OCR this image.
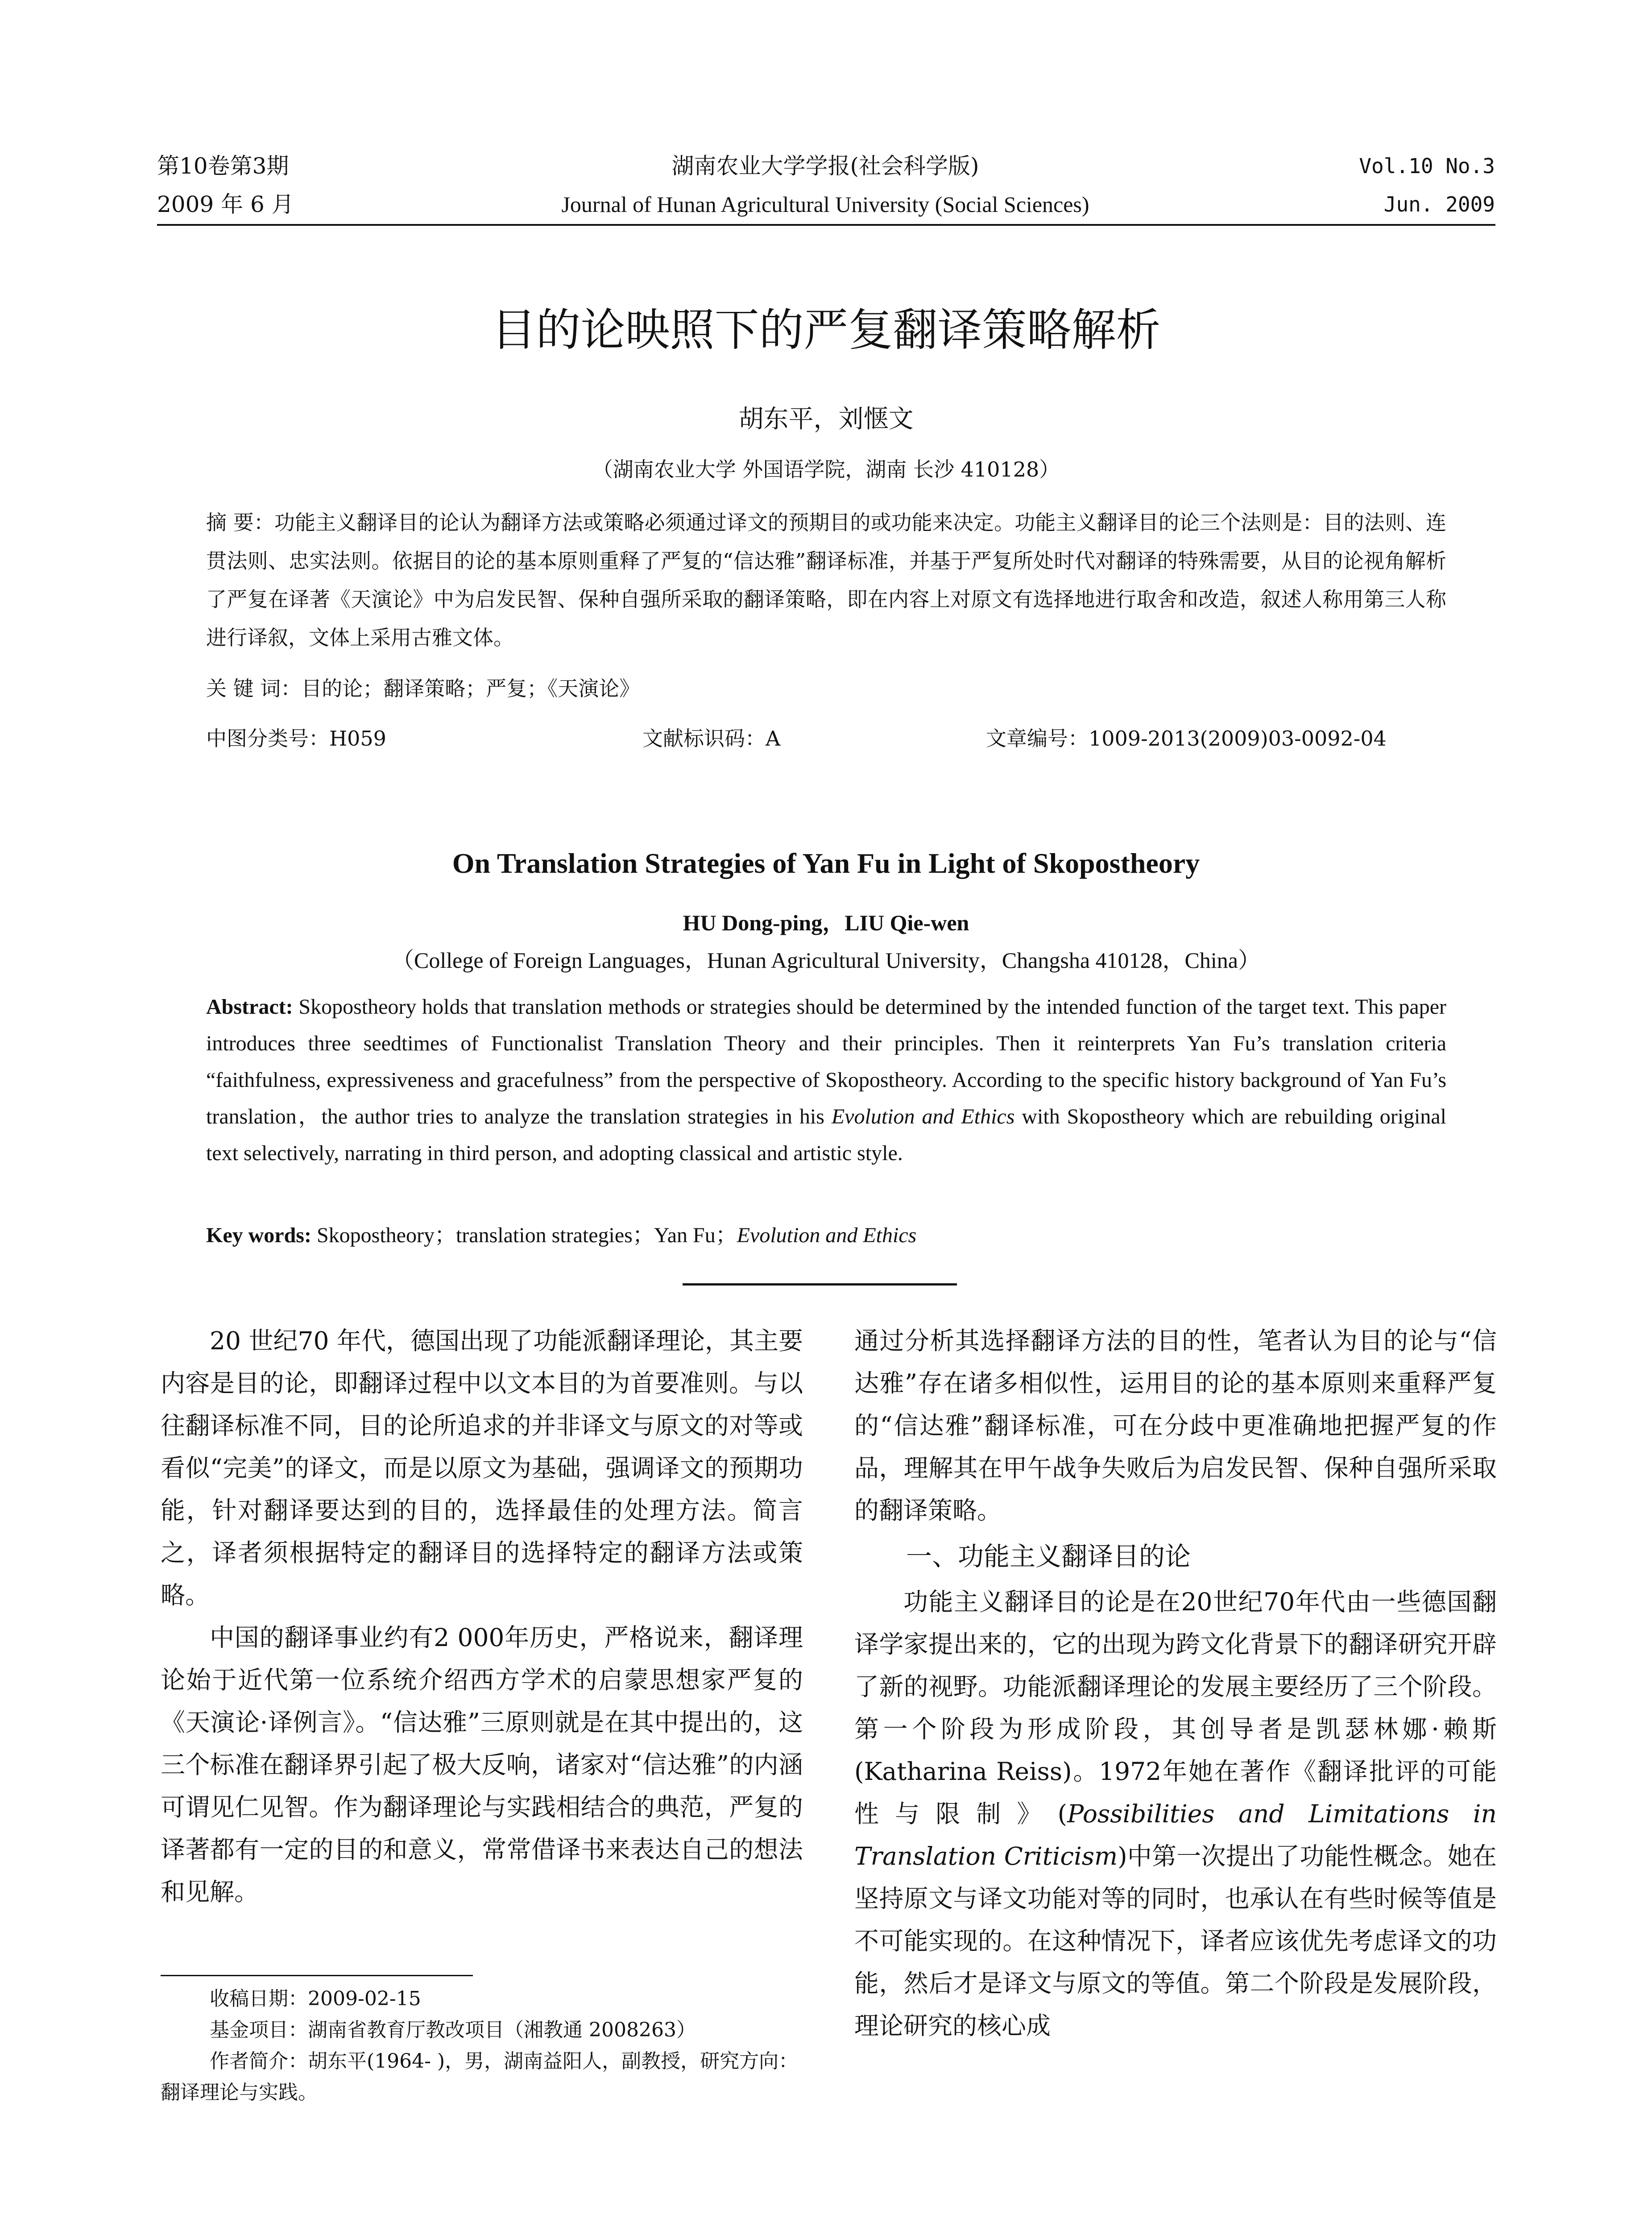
第10卷第3期
2009 年 6 月
湖南农业大学学报(社会科学版)
Journal of Hunan Agricultural University (Social Sciences)
Vol.10 No.3
Jun. 2009
目的论映照下的严复翻译策略解析
胡东平，刘惬文
（湖南农业大学 外国语学院，湖南 长沙 410128）
摘 要：功能主义翻译目的论认为翻译方法或策略必须通过译文的预期目的或功能来决定。功能主义翻译目的论三个法则是：目的法则、连贯法则、忠实法则。依据目的论的基本原则重释了严复的“信达雅”翻译标准，并基于严复所处时代对翻译的特殊需要，从目的论视角解析了严复在译著《天演论》中为启发民智、保种自强所采取的翻译策略，即在内容上对原文有选择地进行取舍和改造，叙述人称用第三人称进行译叙，文体上采用古雅文体。
关 键 词：目的论；翻译策略；严复；《天演论》
中图分类号：H059	文献标识码：A	文章编号：1009-2013(2009)03-0092-04
On Translation Strategies of Yan Fu in Light of Skopostheory
HU Dong-ping，LIU Qie-wen
（College of Foreign Languages，Hunan Agricultural University，Changsha 410128，China）
Abstract: Skopostheory holds that translation methods or strategies should be determined by the intended function of the target text. This paper introduces three seedtimes of Functionalist Translation Theory and their principles. Then it reinterprets Yan Fu’s translation criteria “faithfulness, expressiveness and gracefulness” from the perspective of Skopostheory. According to the specific history background of Yan Fu’s translation，the author tries to analyze the translation strategies in his Evolution and Ethics with Skopostheory which are rebuilding original text selectively, narrating in third person, and adopting classical and artistic style.
Key words: Skopostheory；translation strategies；Yan Fu；Evolution and Ethics

20 世纪70 年代，德国出现了功能派翻译理论，其主要内容是目的论，即翻译过程中以文本目的为首要准则。与以往翻译标准不同，目的论所追求的并非译文与原文的对等或看似“完美”的译文，而是以原文为基础，强调译文的预期功能，针对翻译要达到的目的，选择最佳的处理方法。简言之，译者须根据特定的翻译目的选择特定的翻译方法或策略。

中国的翻译事业约有2 000年历史，严格说来，翻译理论始于近代第一位系统介绍西方学术的启蒙思想家严复的《天演论·译例言》。“信达雅”三原则就是在其中提出的，这三个标准在翻译界引起了极大反响，诸家对“信达雅”的内涵可谓见仁见智。作为翻译理论与实践相结合的典范，严复的译著都有一定的目的和意义，常常借译书来表达自己的想法和见解。

收稿日期：2009-02-15

基金项目：湖南省教育厅教改项目（湘教通 2008263）

作者简介：胡东平(1964- )，男，湖南益阳人，副教授，研究方向：翻译理论与实践。

通过分析其选择翻译方法的目的性，笔者认为目的论与“信达雅”存在诸多相似性，运用目的论的基本原则来重释严复的“信达雅”翻译标准，可在分歧中更准确地把握严复的作品，理解其在甲午战争失败后为启发民智、保种自强所采取的翻译策略。

一、功能主义翻译目的论

功能主义翻译目的论是在20世纪70年代由一些德国翻译学家提出来的，它的出现为跨文化背景下的翻译研究开辟了新的视野。功能派翻译理论的发展主要经历了三个阶段。第一个阶段为形成阶段，其创导者是凯瑟林娜·赖斯(Katharina Reiss)。1972年她在著作《翻译批评的可能性与限制》(Possibilities and Limitations in Translation Criticism)中第一次提出了功能性概念。她在坚持原文与译文功能对等的同时，也承认在有些时候等值是不可能实现的。在这种情况下，译者应该优先考虑译文的功能，然后才是译文与原文的等值。第二个阶段是发展阶段，理论研究的核心成
